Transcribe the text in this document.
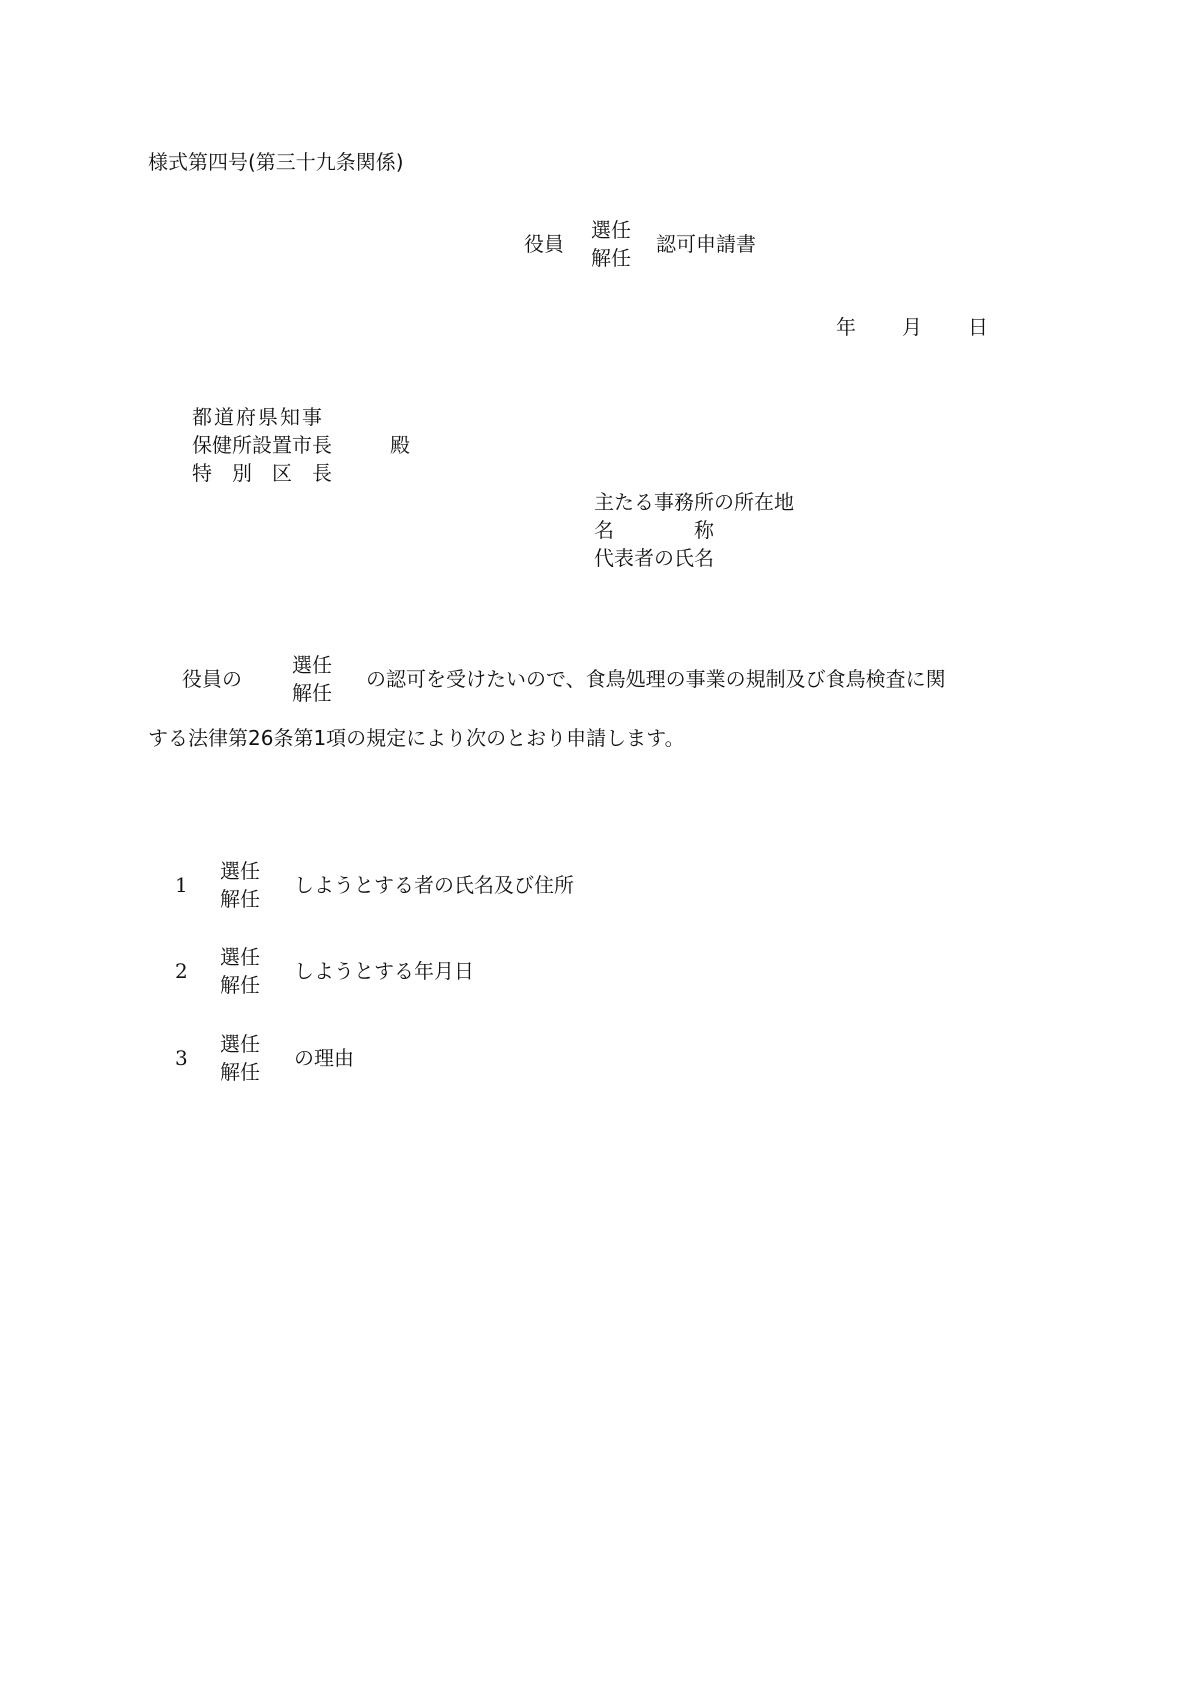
様式第四号(第三十九条関係)
役員
選任
解任
認可申請書
年 月 日
都道府県知事
保健所設置市長
特　別　区　長
殿
主たる事務所の所在地
名　　　　称
代表者の氏名
役員の
選任
解任
の認可を受けたいので、食鳥処理の事業の規制及び食鳥検査に関
する法律第26条第1項の規定により次のとおり申請します。
1
選任
解任
しようとする者の氏名及び住所
2
選任
解任
しようとする年月日
3
選任
解任
の理由
